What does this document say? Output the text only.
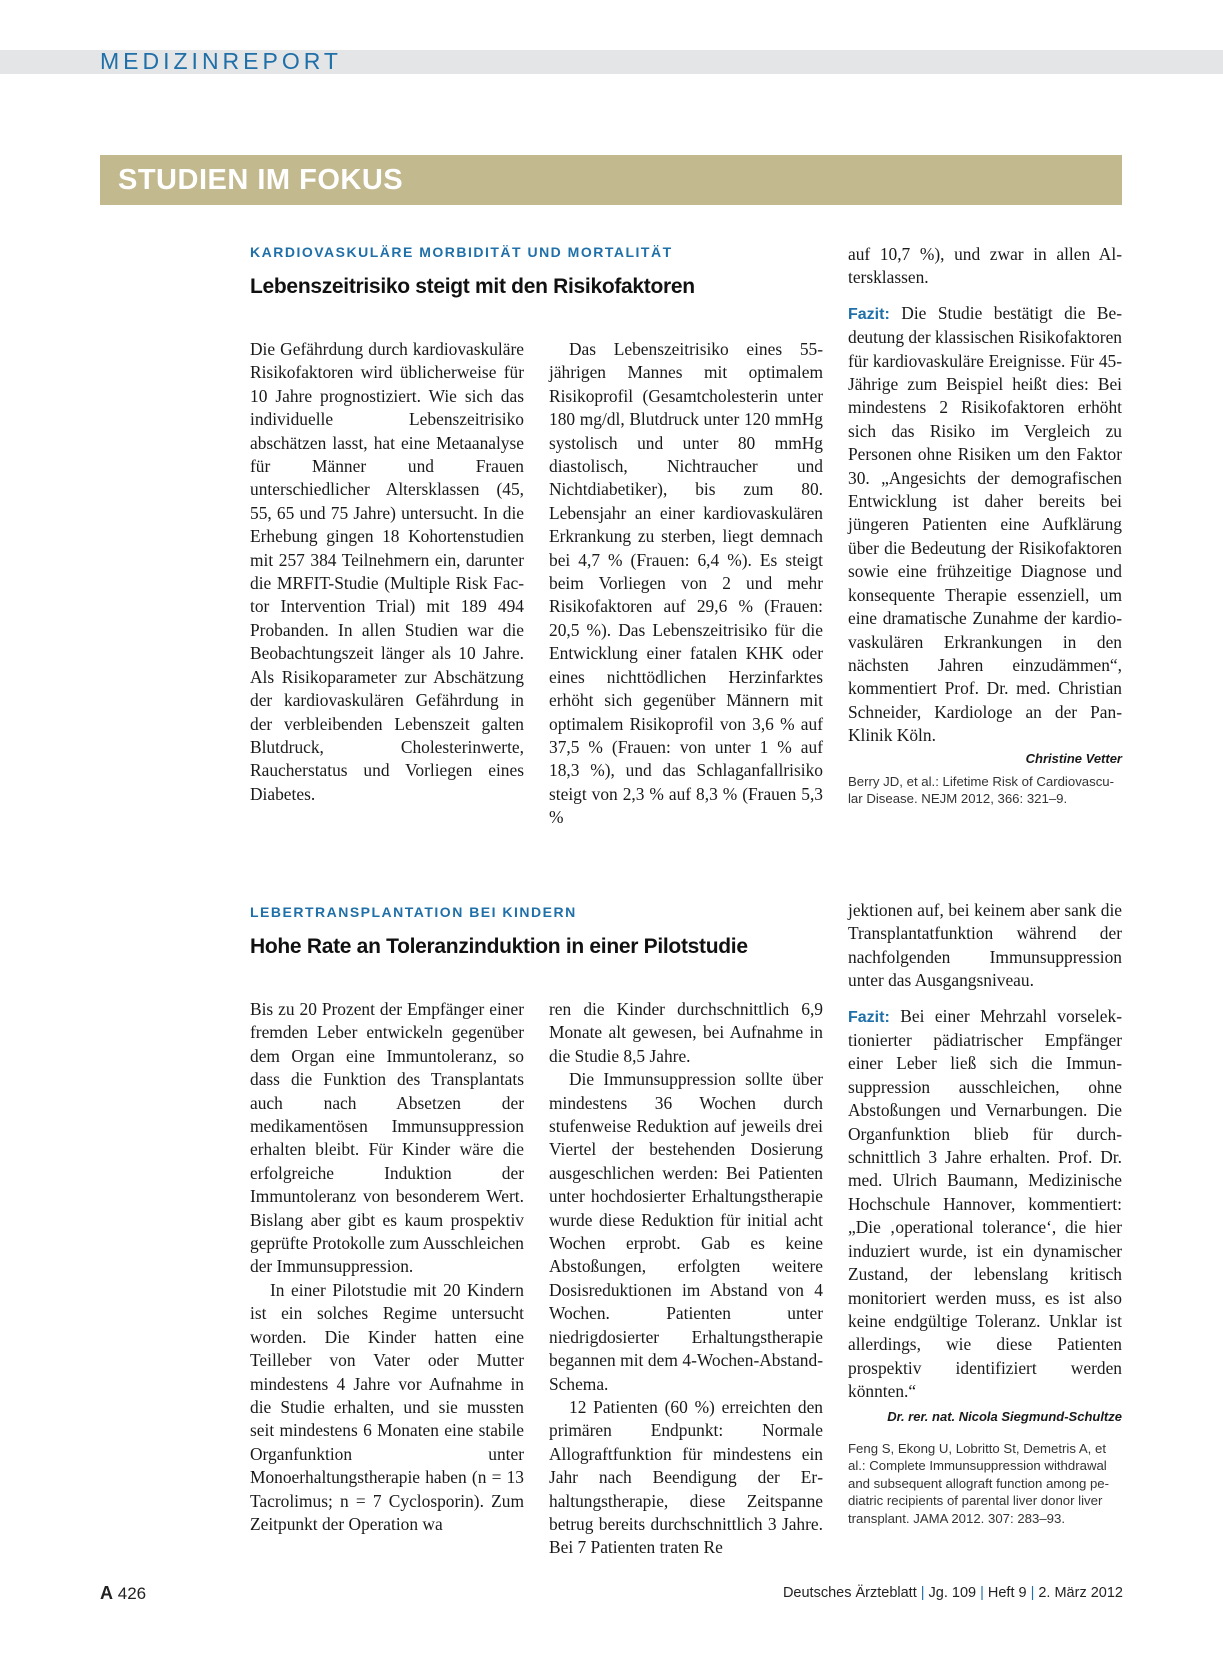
MEDIZINREPORT
STUDIEN IM FOKUS
KARDIOVASKULÄRE MORBIDITÄT UND MORTALITÄT
Lebenszeitrisiko steigt mit den Risikofaktoren

Die Gefährdung durch kardiovaskuläre Risikofaktoren wird üblicherweise für 10 Jahre prognostiziert. Wie sich das individuelle Lebenszeitrisiko abschätzen lasst, hat eine Metaanalyse für Männer und Frauen unterschiedlicher Altersklassen (45, 55, 65 und 75 Jahre) untersucht. In die Erhebung gingen 18 Kohortenstudien mit 257 384 Teilnehmern ein, darunter die MRFIT-Studie (Multiple Risk Factor Intervention Trial) mit 189 494 Probanden. In allen Studien war die Beobachtungszeit länger als 10 Jahre. Als Risikoparameter zur Abschätzung der kardiovaskulären Gefährdung in der verbleibenden Lebenszeit galten Blutdruck, Cholesterinwerte, Raucherstatus und Vorliegen eines Diabetes.

Das Lebenszeitrisiko eines 55-jährigen Mannes mit optimalem Risikoprofil (Gesamtcholesterin unter 180 mg/dl, Blutdruck unter 120 mmHg systolisch und unter 80 mmHg diastolisch, Nichtraucher und Nichtdiabetiker), bis zum 80. Lebensjahr an einer kardiovaskulären Erkrankung zu sterben, liegt demnach bei 4,7 % (Frauen: 6,4 %). Es steigt beim Vorliegen von 2 und mehr Risikofaktoren auf 29,6 % (Frauen: 20,5 %). Das Lebenszeitrisiko für die Entwicklung einer fatalen KHK oder eines nichttödlichen Herzinfarktes erhöht sich gegenüber Männern mit optimalem Risikoprofil von 3,6 % auf 37,5 % (Frauen: von unter 1 % auf 18,3 %), und das Schlaganfallrisiko steigt von 2,3 % auf 8,3 % (Frauen 5,3 %

auf 10,7 %), und zwar in allen Altersklassen.

Fazit: Die Studie bestätigt die Bedeutung der klassischen Risikofaktoren für kardiovaskuläre Ereignisse. Für 45-Jährige zum Beispiel heißt dies: Bei mindestens 2 Risikofaktoren erhöht sich das Risiko im Vergleich zu Personen ohne Risiken um den Faktor 30. „Angesichts der demografischen Entwicklung ist daher bereits bei jüngeren Patienten eine Aufklärung über die Bedeutung der Risikofaktoren sowie eine frühzeitige Diagnose und konsequente Therapie essenziell, um eine dramatische Zunahme der kardiovaskulären Erkrankungen in den nächsten Jahren einzudämmen“, kommentiert Prof. Dr. med. Christian Schneider, Kardiologe an der Pan-Klinik Köln.

Christine Vetter

Berry JD, et al.: Lifetime Risk of Cardiovascular Disease. NEJM 2012, 366: 321–9.

LEBERTRANSPLANTATION BEI KINDERN
Hohe Rate an Toleranzinduktion in einer Pilotstudie

Bis zu 20 Prozent der Empfänger einer fremden Leber entwickeln gegenüber dem Organ eine Immuntoleranz, so dass die Funktion des Transplantats auch nach Absetzen der medikamentösen Immunsuppression erhalten bleibt. Für Kinder wäre die erfolgreiche Induktion der Immuntoleranz von besonderem Wert. Bislang aber gibt es kaum prospektiv geprüfte Protokolle zum Ausschleichen der Immunsuppression.

In einer Pilotstudie mit 20 Kindern ist ein solches Regime untersucht worden. Die Kinder hatten eine Teilleber von Vater oder Mutter mindestens 4 Jahre vor Aufnahme in die Studie erhalten, und sie mussten seit mindestens 6 Monaten eine stabile Organfunktion unter Monoerhaltungstherapie haben (n = 13 Tacrolimus; n = 7 Cyclosporin). Zum Zeitpunkt der Operation wa

ren die Kinder durchschnittlich 6,9 Monate alt gewesen, bei Aufnahme in die Studie 8,5 Jahre.

Die Immunsuppression sollte über mindestens 36 Wochen durch stufenweise Reduktion auf jeweils drei Viertel der bestehenden Dosierung ausgeschlichen werden: Bei Patienten unter hochdosierter Erhaltungstherapie wurde diese Reduktion für initial acht Wochen erprobt. Gab es keine Abstoßungen, erfolgten weitere Dosisreduktionen im Abstand von 4 Wochen. Patienten unter niedrigdosierter Erhaltungstherapie begannen mit dem 4-Wochen-Abstand-Schema.

12 Patienten (60 %) erreichten den primären Endpunkt: Normale Allograftfunktion für mindestens ein Jahr nach Beendigung der Erhaltungstherapie, diese Zeitspanne betrug bereits durchschnittlich 3 Jahre. Bei 7 Patienten traten Re

jektionen auf, bei keinem aber sank die Transplantatfunktion während der nachfolgenden Immunsuppression unter das Ausgangsniveau.

Fazit: Bei einer Mehrzahl vorselektionierter pädiatrischer Empfänger einer Leber ließ sich die Immunsuppression ausschleichen, ohne Abstoßungen und Vernarbungen. Die Organfunktion blieb für durchschnittlich 3 Jahre erhalten. Prof. Dr. med. Ulrich Baumann, Medizinische Hochschule Hannover, kommentiert: „Die ‚operational tolerance‘, die hier induziert wurde, ist ein dynamischer Zustand, der lebenslang kritisch monitoriert werden muss, es ist also keine endgültige Toleranz. Unklar ist allerdings, wie diese Patienten prospektiv identifiziert werden könnten.“

Dr. rer. nat. Nicola Siegmund-Schultze

Feng S, Ekong U, Lobritto St, Demetris A, et al.: Complete Immunsuppression withdrawal and subsequent allograft function among pediatric recipients of parental liver donor liver transplant. JAMA 2012. 307: 283–93.

A 426	Deutsches Ärzteblatt | Jg. 109 | Heft 9 | 2. März 2012
